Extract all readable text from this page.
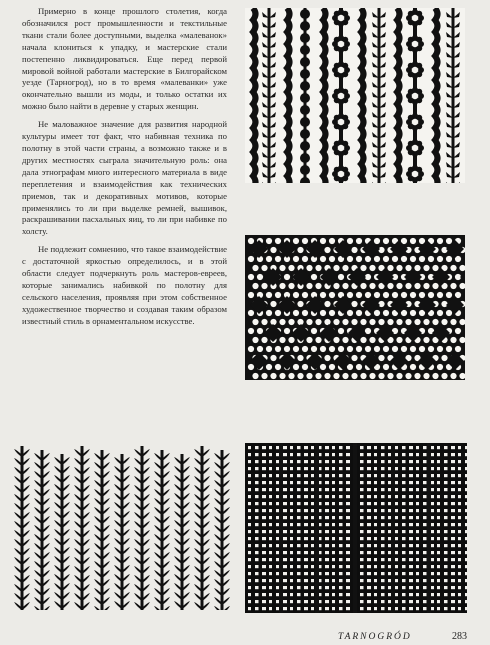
Примерно в конце прошлого столетия, когда обозначился рост промышленности и текстильные ткани стали более доступными, выделка «малеванок» начала клониться к упадку, и мастерские стали постепенно ликвидироваться. Еще перед первой мировой войной работали мастерские в Билгорайском уезде (Тарногрод), но в то время «малеванки» уже окончательно вышли из моды, и только остатки их можно было найти в деревне у старых женщин.

Не маловажное значение для развития народной культуры имеет тот факт, что набивная техника по полотну в этой части страны, а возможно также и в других местностях сыграла значительную роль: она дала этнографам много интересного материала в виде переплетения и взаимодействия как технических приемов, так и декоративных мотивов, которые применялись то ли при выделке ремней, вышивок, раскрашивании пасхальных яиц, то ли при набивке по холсту.

Не подлежит сомнению, что такое взаимодействие с достаточной яркостью определилось, и в этой области следует подчеркнуть роль мастеров-евреев, которые занимались набивкой по полотну для сельского населения, проявляя при этом собственное художественное творчество и создавая таким образом известный стиль в орнаментальном искусстве.

TARNOGRÓD	283
